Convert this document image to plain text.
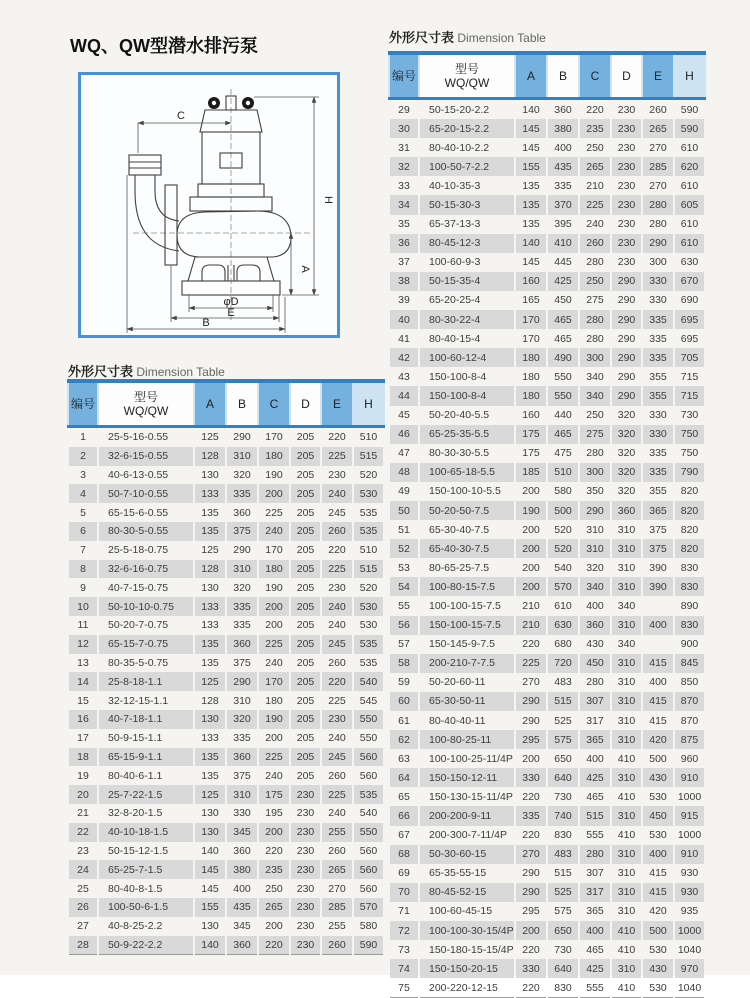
WQ、QW型潜水排污泵
C
H
A
φD
E
B
外形尺寸表 Dimension Table
外形尺寸表 Dimension Table
编号	型号
WQ/QW	A	B	C	D	E	H
1	25-5-16-0.55	125	290	170	205	220	510
2	32-6-15-0.55	128	310	180	205	225	515
3	40-6-13-0.55	130	320	190	205	230	520
4	50-7-10-0.55	133	335	200	205	240	530
5	65-15-6-0.55	135	360	225	205	245	535
6	80-30-5-0.55	135	375	240	205	260	535
7	25-5-18-0.75	125	290	170	205	220	510
8	32-6-16-0.75	128	310	180	205	225	515
9	40-7-15-0.75	130	320	190	205	230	520
10	50-10-10-0.75	133	335	200	205	240	530
11	50-20-7-0.75	133	335	200	205	240	530
12	65-15-7-0.75	135	360	225	205	245	535
13	80-35-5-0.75	135	375	240	205	260	535
14	25-8-18-1.1	125	290	170	205	220	540
15	32-12-15-1.1	128	310	180	205	225	545
16	40-7-18-1.1	130	320	190	205	230	550
17	50-9-15-1.1	133	335	200	205	240	550
18	65-15-9-1.1	135	360	225	205	245	560
19	80-40-6-1.1	135	375	240	205	260	560
20	25-7-22-1.5	125	310	175	230	225	535
21	32-8-20-1.5	130	330	195	230	240	540
22	40-10-18-1.5	130	345	200	230	255	550
23	50-15-12-1.5	140	360	220	230	260	560
24	65-25-7-1.5	145	380	235	230	265	560
25	80-40-8-1.5	145	400	250	230	270	560
26	100-50-6-1.5	155	435	265	230	285	570
27	40-8-25-2.2	130	345	200	230	255	580
28	50-9-22-2.2	140	360	220	230	260	590
编号	型号
WQ/QW	A	B	C	D	E	H
29	50-15-20-2.2	140	360	220	230	260	590
30	65-20-15-2.2	145	380	235	230	265	590
31	80-40-10-2.2	145	400	250	230	270	610
32	100-50-7-2.2	155	435	265	230	285	620
33	40-10-35-3	135	335	210	230	270	610
34	50-15-30-3	135	370	225	230	280	605
35	65-37-13-3	135	395	240	230	280	610
36	80-45-12-3	140	410	260	230	290	610
37	100-60-9-3	145	445	280	230	300	630
38	50-15-35-4	160	425	250	290	330	670
39	65-20-25-4	165	450	275	290	330	690
40	80-30-22-4	170	465	280	290	335	695
41	80-40-15-4	170	465	280	290	335	695
42	100-60-12-4	180	490	300	290	335	705
43	150-100-8-4	180	550	340	290	355	715
44	150-100-8-4	180	550	340	290	355	715
45	50-20-40-5.5	160	440	250	320	330	730
46	65-25-35-5.5	175	465	275	320	330	750
47	80-30-30-5.5	175	475	280	320	335	750
48	100-65-18-5.5	185	510	300	320	335	790
49	150-100-10-5.5	200	580	350	320	355	820
50	50-20-50-7.5	190	500	290	360	365	820
51	65-30-40-7.5	200	520	310	310	375	820
52	65-40-30-7.5	200	520	310	310	375	820
53	80-65-25-7.5	200	540	320	310	390	830
54	100-80-15-7.5	200	570	340	310	390	830
55	100-100-15-7.5	210	610	400	340		890
56	150-100-15-7.5	210	630	360	310	400	830
57	150-145-9-7.5	220	680	430	340		900
58	200-210-7-7.5	225	720	450	310	415	845
59	50-20-60-11	270	483	280	310	400	850
60	65-30-50-11	290	515	307	310	415	870
61	80-40-40-11	290	525	317	310	415	870
62	100-80-25-11	295	575	365	310	420	875
63	100-100-25-11/4P	200	650	400	410	500	960
64	150-150-12-11	330	640	425	310	430	910
65	150-130-15-11/4P	220	730	465	410	530	1000
66	200-200-9-11	335	740	515	310	450	915
67	200-300-7-11/4P	220	830	555	410	530	1000
68	50-30-60-15	270	483	280	310	400	910
69	65-35-55-15	290	515	307	310	415	930
70	80-45-52-15	290	525	317	310	415	930
71	100-60-45-15	295	575	365	310	420	935
72	100-100-30-15/4P	200	650	400	410	500	1000
73	150-180-15-15/4P	220	730	465	410	530	1040
74	150-150-20-15	330	640	425	310	430	970
75	200-220-12-15	220	830	555	410	530	1040
